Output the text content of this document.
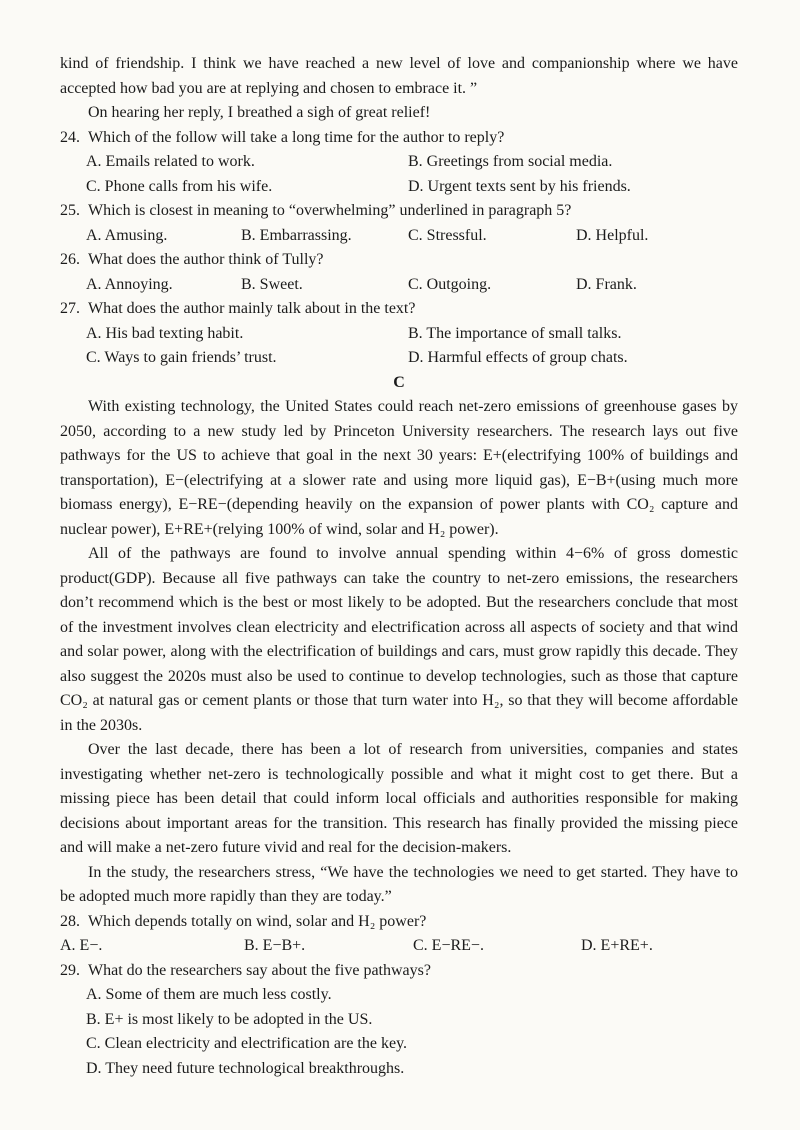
kind of friendship. I think we have reached a new level of love and companionship where we have accepted how bad you are at replying and chosen to embrace it. ”

On hearing her reply, I breathed a sigh of great relief!

24. Which of the follow will take a long time for the author to reply?
A. Emails related to work.	B. Greetings from social media.
C. Phone calls from his wife.	D. Urgent texts sent by his friends.
25. Which is closest in meaning to “overwhelming” underlined in paragraph 5?
A. Amusing.	B. Embarrassing.	C. Stressful.	D. Helpful.
26. What does the author think of Tully?
A. Annoying.	B. Sweet.	C. Outgoing.	D. Frank.
27. What does the author mainly talk about in the text?
A. His bad texting habit.	B. The importance of small talks.
C. Ways to gain friends’ trust.	D. Harmful effects of group chats.
C

With existing technology, the United States could reach net-zero emissions of greenhouse gases by 2050, according to a new study led by Princeton University researchers. The research lays out five pathways for the US to achieve that goal in the next 30 years: E+(electrifying 100% of buildings and transportation), E−(electrifying at a slower rate and using more liquid gas), E−B+(using much more biomass energy), E−RE−(depending heavily on the expansion of power plants with CO₂ capture and nuclear power), E+RE+(relying 100% of wind, solar and H₂ power).

All of the pathways are found to involve annual spending within 4−6% of gross domestic product(GDP). Because all five pathways can take the country to net-zero emissions, the researchers don’t recommend which is the best or most likely to be adopted. But the researchers conclude that most of the investment involves clean electricity and electrification across all aspects of society and that wind and solar power, along with the electrification of buildings and cars, must grow rapidly this decade. They also suggest the 2020s must also be used to continue to develop technologies, such as those that capture CO₂ at natural gas or cement plants or those that turn water into H₂, so that they will become affordable in the 2030s.

Over the last decade, there has been a lot of research from universities, companies and states investigating whether net-zero is technologically possible and what it might cost to get there. But a missing piece has been detail that could inform local officials and authorities responsible for making decisions about important areas for the transition. This research has finally provided the missing piece and will make a net-zero future vivid and real for the decision-makers.

In the study, the researchers stress, “We have the technologies we need to get started. They have to be adopted much more rapidly than they are today.”

28. Which depends totally on wind, solar and H₂ power?
A. E−.	B. E−B+.	C. E−RE−.	D. E+RE+.
29. What do the researchers say about the five pathways?
A. Some of them are much less costly.
B. E+ is most likely to be adopted in the US.
C. Clean electricity and electrification are the key.
D. They need future technological breakthroughs.
